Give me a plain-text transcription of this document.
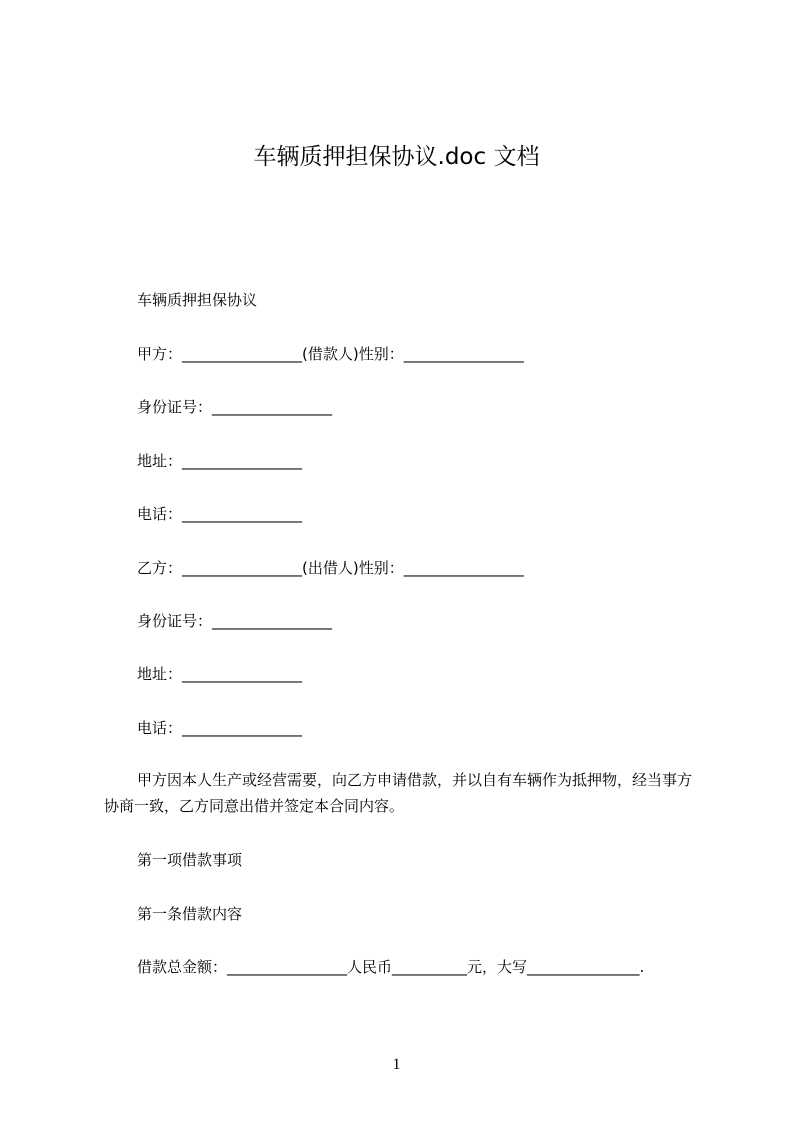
车辆质押担保协议.doc 文档
车辆质押担保协议
甲方：________________(借款人)性别：________________
身份证号：________________
地址：________________
电话：________________
乙方：________________(出借人)性别：________________
身份证号：________________
地址：________________
电话：________________
甲方因本人生产或经营需要，向乙方申请借款，并以自有车辆作为抵押物，经当事方协商一致，乙方同意出借并签定本合同内容。
第一项借款事项
第一条借款内容
借款总金额：________________人民币__________元，大写_______________.
1
